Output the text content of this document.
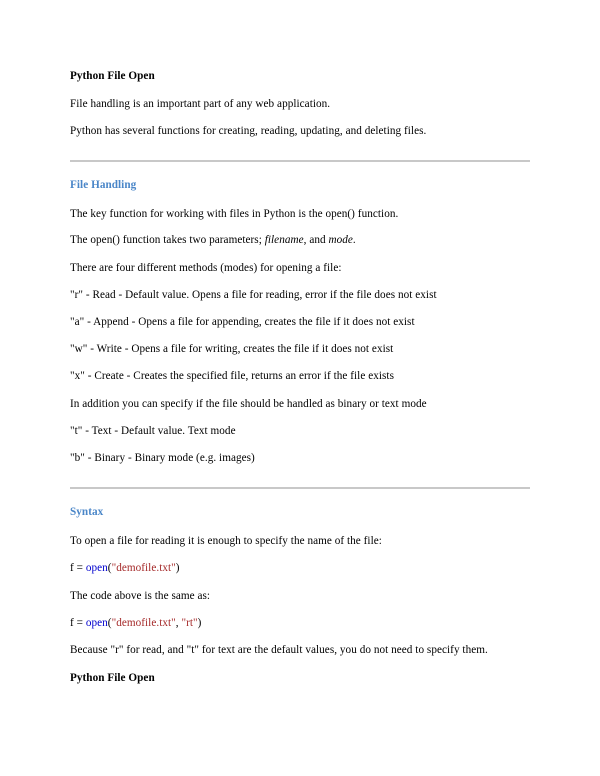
Python File Open
File handling is an important part of any web application.
Python has several functions for creating, reading, updating, and deleting files.
File Handling
The key function for working with files in Python is the open() function.
The open() function takes two parameters; filename, and mode.
There are four different methods (modes) for opening a file:
"r" - Read - Default value. Opens a file for reading, error if the file does not exist
"a" - Append - Opens a file for appending, creates the file if it does not exist
"w" - Write - Opens a file for writing, creates the file if it does not exist
"x" - Create - Creates the specified file, returns an error if the file exists
In addition you can specify if the file should be handled as binary or text mode
"t" - Text - Default value. Text mode
"b" - Binary - Binary mode (e.g. images)
Syntax
To open a file for reading it is enough to specify the name of the file:
f = open("demofile.txt")
The code above is the same as:
f = open("demofile.txt", "rt")
Because "r" for read, and "t" for text are the default values, you do not need to specify them.
Python File Open
